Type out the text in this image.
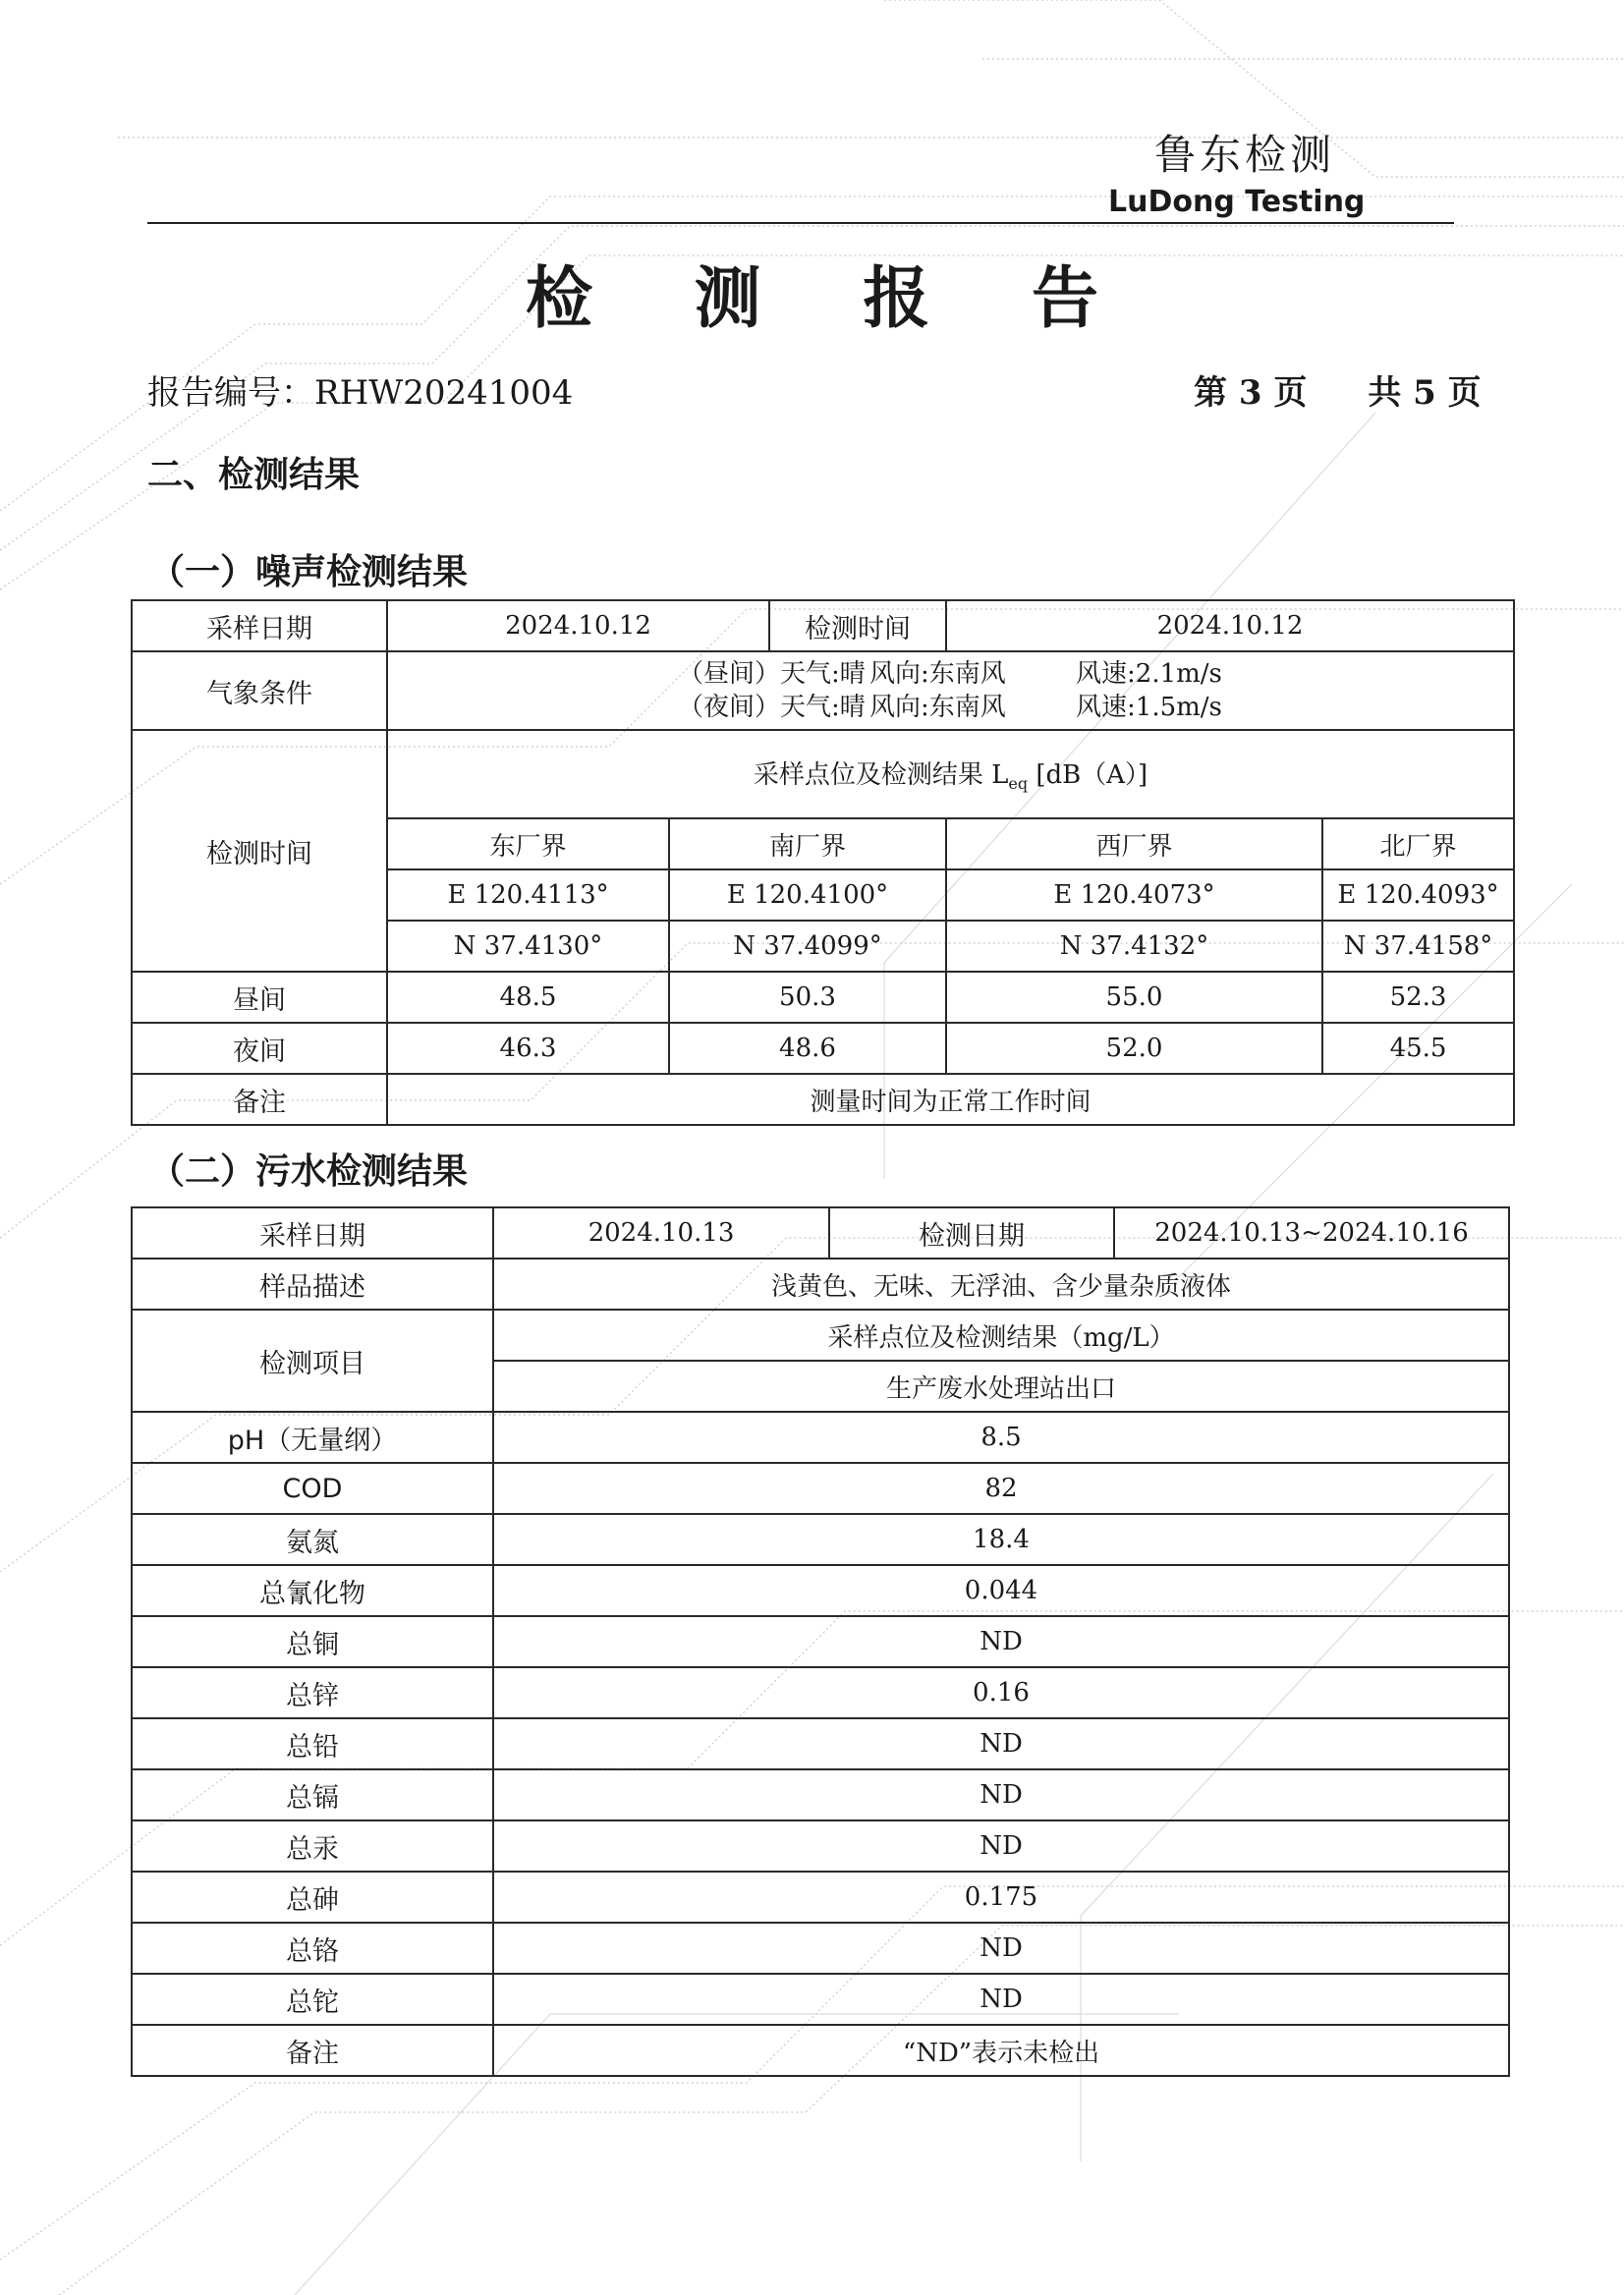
鲁东检测
LuDong Testing
检 测 报 告
报告编号：RHW20241004	第 3 页 共 5 页
二、检测结果
（一）噪声检测结果
采样日期	2024.10.12		检测时间	2024.10.12	
气象条件	（昼间）天气:晴 风向:东南风 风速:2.1m/s
（夜间）天气:晴 风向:东南风 风速:1.5m/s				

检测时间	采样点位及检测结果 $L_{eq}$ [dB（A）]				
	东厂界	南厂界		西厂界	北厂界
	E 120.4113°	E 120.4100°		E 120.4073°	E 120.4093°
	N 37.4130°	N 37.4099°		N 37.4132°	N 37.4158°
昼间	48.5	50.3		55.0	52.3
夜间	46.3	48.6		52.0	45.5
备注	测量时间为正常工作时间				
（二）污水检测结果
采样日期	2024.10.13	检测日期	2024.10.13~2024.10.16
样品描述	浅黄色、无味、无浮油、含少量杂质液体		
检测项目	采样点位及检测结果（mg/L）		
	生产废水处理站出口		
pH（无量纲）	8.5		
COD	82		
氨氮	18.4		
总氰化物	0.044		
总铜	ND		
总锌	0.16		
总铅	ND		
总镉	ND		
总汞	ND		
总砷	0.175		
总铬	ND		
总铊	ND		
备注	“ND”表示未检出		
